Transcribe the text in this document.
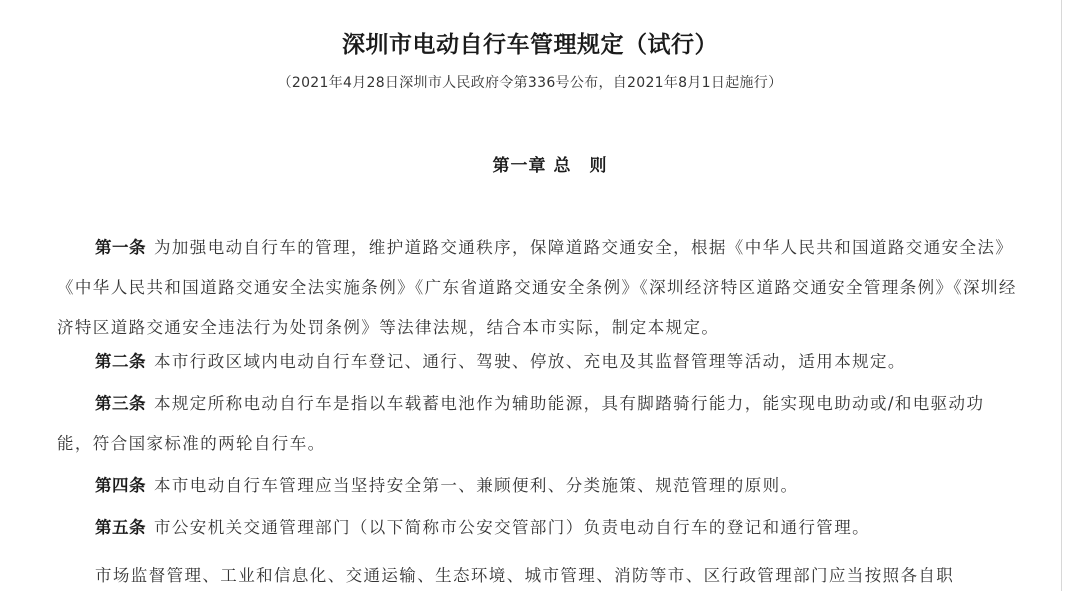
深圳市电动自行车管理规定（试行）
（2021年4月28日深圳市人民政府令第336号公布，自2021年8月1日起施行）
第一章 总　则
第一条 为加强电动自行车的管理，维护道路交通秩序，保障道路交通安全，根据《中华人民共和国道路交通安全法》《中华人民共和国道路交通安全法实施条例》《广东省道路交通安全条例》《深圳经济特区道路交通安全管理条例》《深圳经济特区道路交通安全违法行为处罚条例》等法律法规，结合本市实际，制定本规定。
第二条 本市行政区域内电动自行车登记、通行、驾驶、停放、充电及其监督管理等活动，适用本规定。
第三条 本规定所称电动自行车是指以车载蓄电池作为辅助能源，具有脚踏骑行能力，能实现电助动或/和电驱动功能，符合国家标准的两轮自行车。
第四条 本市电动自行车管理应当坚持安全第一、兼顾便利、分类施策、规范管理的原则。
第五条 市公安机关交通管理部门（以下简称市公安交管部门）负责电动自行车的登记和通行管理。
市场监督管理、工业和信息化、交通运输、生态环境、城市管理、消防等市、区行政管理部门应当按照各自职
